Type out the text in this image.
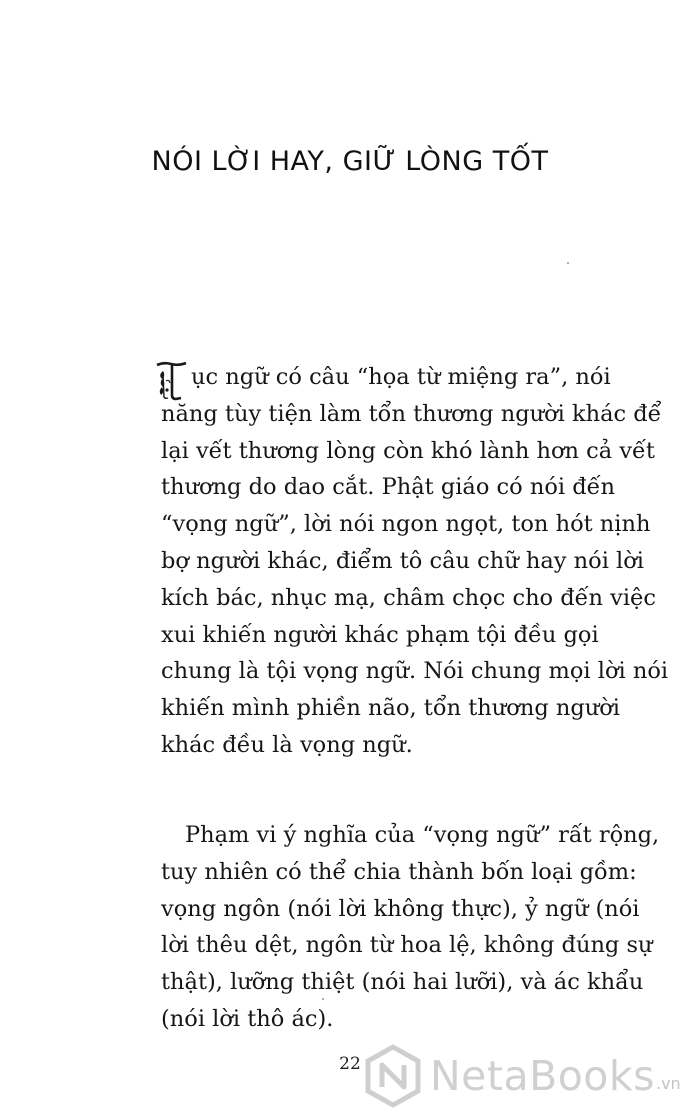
NÓI LỜI HAY, GIỮ LÒNG TỐT
ục ngữ có câu “họa từ miệng ra”, nói
năng tùy tiện làm tổn thương người khác để
lại vết thương lòng còn khó lành hơn cả vết
thương do dao cắt. Phật giáo có nói đến
“vọng ngữ”, lời nói ngon ngọt, ton hót nịnh
bợ người khác, điểm tô câu chữ hay nói lời
kích bác, nhục mạ, châm chọc cho đến việc
xui khiến người khác phạm tội đều gọi
chung là tội vọng ngữ. Nói chung mọi lời nói
khiến mình phiền não, tổn thương người
khác đều là vọng ngữ.
Phạm vi ý nghĩa của “vọng ngữ” rất rộng,
tuy nhiên có thể chia thành bốn loại gồm:
vọng ngôn (nói lời không thực), ỷ ngữ (nói
lời thêu dệt, ngôn từ hoa lệ, không đúng sự
thật), lưỡng thiệt (nói hai lưỡi), và ác khẩu
(nói lời thô ác).
22	NetaBooks .vn
